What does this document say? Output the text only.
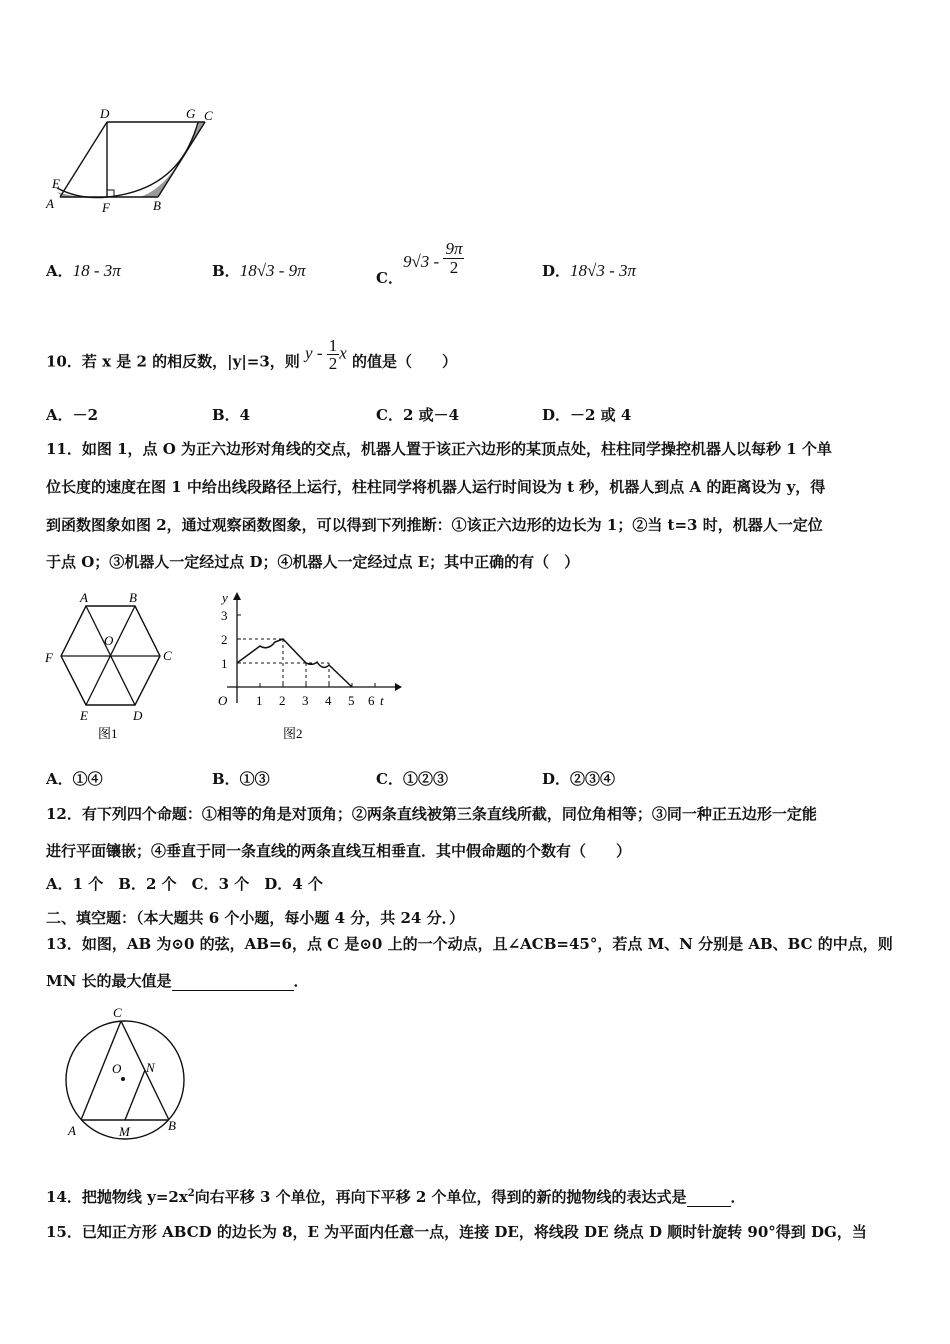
D	G C
E
A	F	B
A．18 - 3π	B．18√3 - 9π	C．$9√3 - \frac{9\pi}{2}$	D．18√3 - 3π
10．若 x 是 2 的相反数，|y|=3，则 y - $\frac{1}{2}$ x 的值是（　　）
A．－2	B．4	C．2 或－4	D．－2 或 4
11．如图 1，点 O 为正六边形对角线的交点，机器人置于该正六边形的某顶点处，柱柱同学操控机器人以每秒 1 个单
位长度的速度在图 1 中给出线段路径上运行，柱柱同学将机器人运行时间设为 t 秒，机器人到点 A 的距离设为 y，得
到函数图象如图 2，通过观察函数图象，可以得到下列推断：①该正六边形的边长为 1；②当 t=3 时，机器人一定位
于点 O；③机器人一定经过点 D；④机器人一定经过点 E；其中正确的有（　）
A	B
C
D
E
F
O
图1
y
t
O 1 2 3 4 5 6
1
2
3
图2
A．①④	B．①③	C．①②③	D．②③④
12．有下列四个命题：①相等的角是对顶角；②两条直线被第三条直线所截，同位角相等；③同一种正五边形一定能
进行平面镶嵌；④垂直于同一条直线的两条直线互相垂直．其中假命题的个数有（　　）
A．1 个　B．2 个　C．3 个　D．4 个
二、填空题：（本大题共 6 个小题，每小题 4 分，共 24 分．）
13．如图，AB 为⊙0 的弦，AB=6，点 C 是⊙0 上的一个动点，且∠ACB=45°，若点 M、N 分别是 AB、BC 的中点，则
MN 长的最大值是	．
C
O N
A	M	B
14．把抛物线 $y=2x^2$向右平移 3 个单位，再向下平移 2 个单位，得到的新的抛物线的表达式是	．
15．已知正方形 ABCD 的边长为 8，E 为平面内任意一点，连接 DE，将线段 DE 绕点 D 顺时针旋转 90°得到 DG，当
